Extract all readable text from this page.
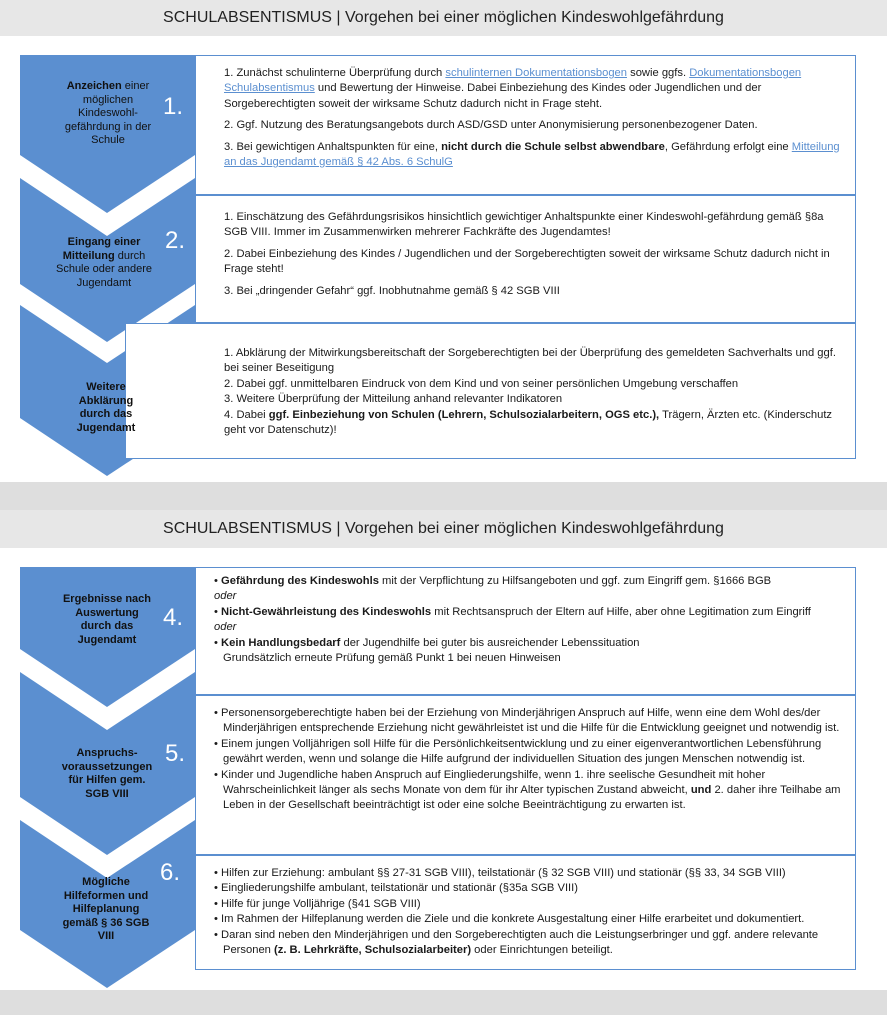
SCHULABSENTISMUS | Vorgehen bei einer möglichen Kindeswohlgefährdung

1. Zunächst schulinterne Überprüfung durch schulinternen Dokumentationsbogen sowie ggfs. Dokumentationsbogen Schulabsentismus und Bewertung der Hinweise. Dabei Einbeziehung des Kindes oder Jugendlichen und der Sorgeberechtigten soweit der wirksame Schutz dadurch nicht in Frage steht.

2. Ggf. Nutzung des Beratungsangebots durch ASD/GSD unter Anonymisierung personenbezogener Daten.

3. Bei gewichtigen Anhaltspunkten für eine, nicht durch die Schule selbst abwendbare, Gefährdung erfolgt eine Mitteilung an das Jugendamt gemäß § 42 Abs. 6 SchulG

1. Einschätzung des Gefährdungsrisikos hinsichtlich gewichtiger Anhaltspunkte einer Kindeswohl-gefährdung gemäß §8a SGB VIII. Immer im Zusammenwirken mehrerer Fachkräfte des Jugendamtes!

2. Dabei Einbeziehung des Kindes / Jugendlichen und der Sorgeberechtigten soweit der wirksame Schutz dadurch nicht in Frage steht!

3. Bei „dringender Gefahr“ ggf. Inobhutnahme gemäß § 42 SGB VIII

1. Abklärung der Mitwirkungsbereitschaft der Sorgeberechtigten bei der Überprüfung des gemeldeten Sachverhalts und ggf. bei seiner Beseitigung

2. Dabei ggf. unmittelbaren Eindruck von dem Kind und von seiner persönlichen Umgebung verschaffen

3. Weitere Überprüfung der Mitteilung anhand relevanter Indikatoren

4. Dabei ggf. Einbeziehung von Schulen (Lehrern, Schulsozialarbeitern, OGS etc.), Trägern, Ärzten etc. (Kinderschutz geht vor Datenschutz)!

Anzeichen einer möglichen Kindeswohl-gefährdung in der Schule
1.
Eingang einer Mitteilung durch Schule oder andere Jugendamt
2.
Weitere Abklärung durch das Jugendamt
3.
SCHULABSENTISMUS | Vorgehen bei einer möglichen Kindeswohlgefährdung

• Gefährdung des Kindeswohls mit der Verpflichtung zu Hilfsangeboten und ggf. zum Eingriff gem. §1666 BGB

oder

• Nicht-Gewährleistung des Kindeswohls mit Rechtsanspruch der Eltern auf Hilfe, aber ohne Legitimation zum Eingriff

oder

• Kein Handlungsbedarf der Jugendhilfe bei guter bis ausreichender Lebenssituation

Grundsätzlich erneute Prüfung gemäß Punkt 1 bei neuen Hinweisen

• Personensorgeberechtigte haben bei der Erziehung von Minderjährigen Anspruch auf Hilfe, wenn eine dem Wohl des/der Minderjährigen entsprechende Erziehung nicht gewährleistet ist und die Hilfe für die Entwicklung geeignet und notwendig ist.

• Einem jungen Volljährigen soll Hilfe für die Persönlichkeitsentwicklung und zu einer eigenverantwortlichen Lebensführung gewährt werden, wenn und solange die Hilfe aufgrund der individuellen Situation des jungen Menschen notwendig ist.

• Kinder und Jugendliche haben Anspruch auf Eingliederungshilfe, wenn 1. ihre seelische Gesundheit mit hoher Wahrscheinlichkeit länger als sechs Monate von dem für ihr Alter typischen Zustand abweicht, und 2. daher ihre Teilhabe am Leben in der Gesellschaft beeinträchtigt ist oder eine solche Beeinträchtigung zu erwarten ist.

• Hilfen zur Erziehung: ambulant §§ 27-31 SGB VIII), teilstationär (§ 32 SGB VIII) und stationär (§§ 33, 34 SGB VIII)

• Eingliederungshilfe ambulant, teilstationär und stationär (§35a SGB VIII)

• Hilfe für junge Volljährige (§41 SGB VIII)

• Im Rahmen der Hilfeplanung werden die Ziele und die konkrete Ausgestaltung einer Hilfe erarbeitet und dokumentiert.

• Daran sind neben den Minderjährigen und den Sorgeberechtigten auch die Leistungserbringer und ggf. andere relevante Personen (z. B. Lehrkräfte, Schulsozialarbeiter) oder Einrichtungen beteiligt.

Ergebnisse nach Auswertung durch das Jugendamt
4.
Anspruchs-voraussetzungen für Hilfen gem. SGB VIII
5.
Mögliche Hilfeformen und Hilfeplanung gemäß § 36 SGB VIII
6.
